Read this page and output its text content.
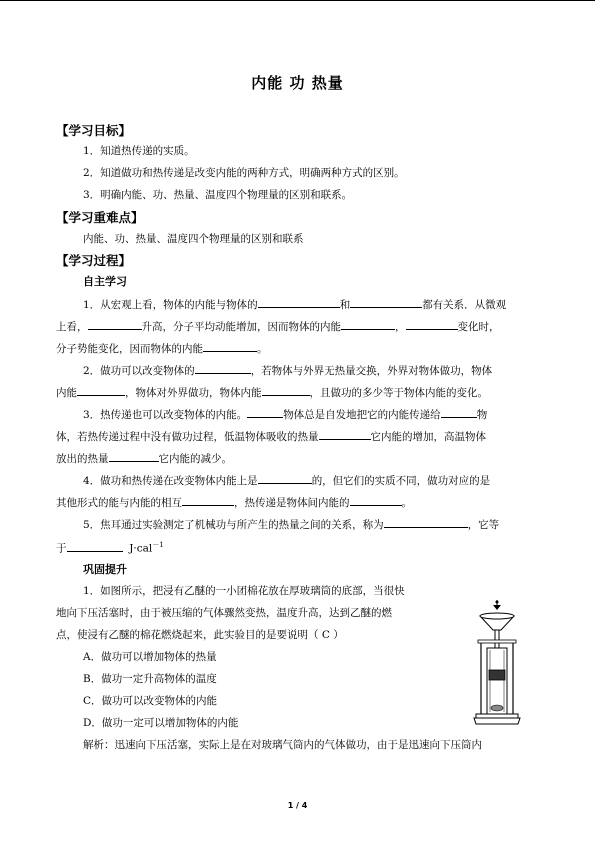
内能 功 热量
【学习目标】
1．知道热传递的实质。
2．知道做功和热传递是改变内能的两种方式，明确两种方式的区别。
3．明确内能、功、热量、温度四个物理量的区别和联系。
【学习重难点】
内能、功、热量、温度四个物理量的区别和联系
【学习过程】
自主学习
1．从宏观上看，物体的内能与物体的	和	都有关系．从微观
上看，	升高，分子平均动能增加，因而物体的内能	，	变化时，
分子势能变化，因而物体的内能	。
2．做功可以改变物体的	，若物体与外界无热量交换，外界对物体做功，物体
内能	，物体对外界做功，物体内能	，且做功的多少等于物体内能的变化。
3．热传递也可以改变物体的内能。	物体总是自发地把它的内能传递给	物
体，若热传递过程中没有做功过程，低温物体吸收的热量	它内能的增加，高温物体
放出的热量	它内能的减少。
4．做功和热传递在改变物体内能上是	的，但它们的实质不同，做功对应的是
其他形式的能与内能的相互	，热传递是物体间内能的	。
5．焦耳通过实验测定了机械功与所产生的热量之间的关系，称为	，它等
于	J·cal$^{-1}$
巩固提升
1．如图所示，把浸有乙醚的一小团棉花放在厚玻璃筒的底部，当很快
地向下压活塞时，由于被压缩的气体骤然变热，温度升高，达到乙醚的燃
点，使浸有乙醚的棉花燃烧起来，此实验目的是要说明（ C ）
A．做功可以增加物体的热量
B．做功一定升高物体的温度
C．做功可以改变物体的内能
D．做功一定可以增加物体的内能
解析：迅速向下压活塞，实际上是在对玻璃气筒内的气体做功，由于是迅速向下压筒内
1 / 4
